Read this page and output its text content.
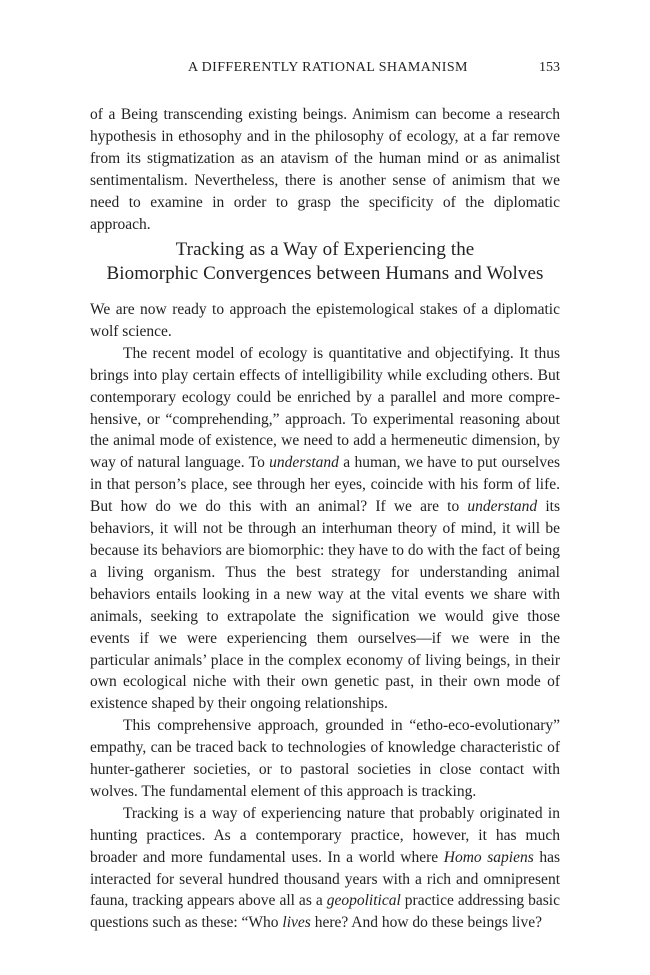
A DIFFERENTLY RATIONAL SHAMANISM	153

of a Being transcending existing beings. Animism can become a research hypothesis in ethosophy and in the philosophy of ecology, at a far remove from its stigmatization as an atavism of the human mind or as animalist sentimentalism. Nevertheless, there is another sense of animism that we need to examine in order to grasp the specificity of the diplomatic approach.

Tracking as a Way of Experiencing the
Biomorphic Convergences between Humans and Wolves

We are now ready to approach the epistemological stakes of a diplomatic wolf science.

The recent model of ecology is quantitative and objectifying. It thus brings into play certain effects of intelligibility while excluding others. But contemporary ecology could be enriched by a parallel and more comprehensive, or “comprehending,” approach. To experimental reasoning about the animal mode of existence, we need to add a hermeneutic dimension, by way of natural language. To understand a human, we have to put ourselves in that person’s place, see through her eyes, coincide with his form of life. But how do we do this with an animal? If we are to understand its behaviors, it will not be through an interhuman theory of mind, it will be because its behaviors are biomorphic: they have to do with the fact of being a living organism. Thus the best strategy for understanding animal behaviors entails looking in a new way at the vital events we share with animals, seeking to extrapolate the signification we would give those events if we were experiencing them ourselves—if we were in the particular animals’ place in the complex economy of living beings, in their own ecological niche with their own genetic past, in their own mode of existence shaped by their ongoing relationships.

This comprehensive approach, grounded in “etho-eco-evolutionary” empathy, can be traced back to technologies of knowledge characteristic of hunter-gatherer societies, or to pastoral societies in close contact with wolves. The fundamental element of this approach is tracking.

Tracking is a way of experiencing nature that probably originated in hunting practices. As a contemporary practice, however, it has much broader and more fundamental uses. In a world where Homo sapiens has interacted for several hundred thousand years with a rich and omnipresent fauna, tracking appears above all as a geopolitical practice addressing basic questions such as these: “Who lives here? And how do these beings live?
